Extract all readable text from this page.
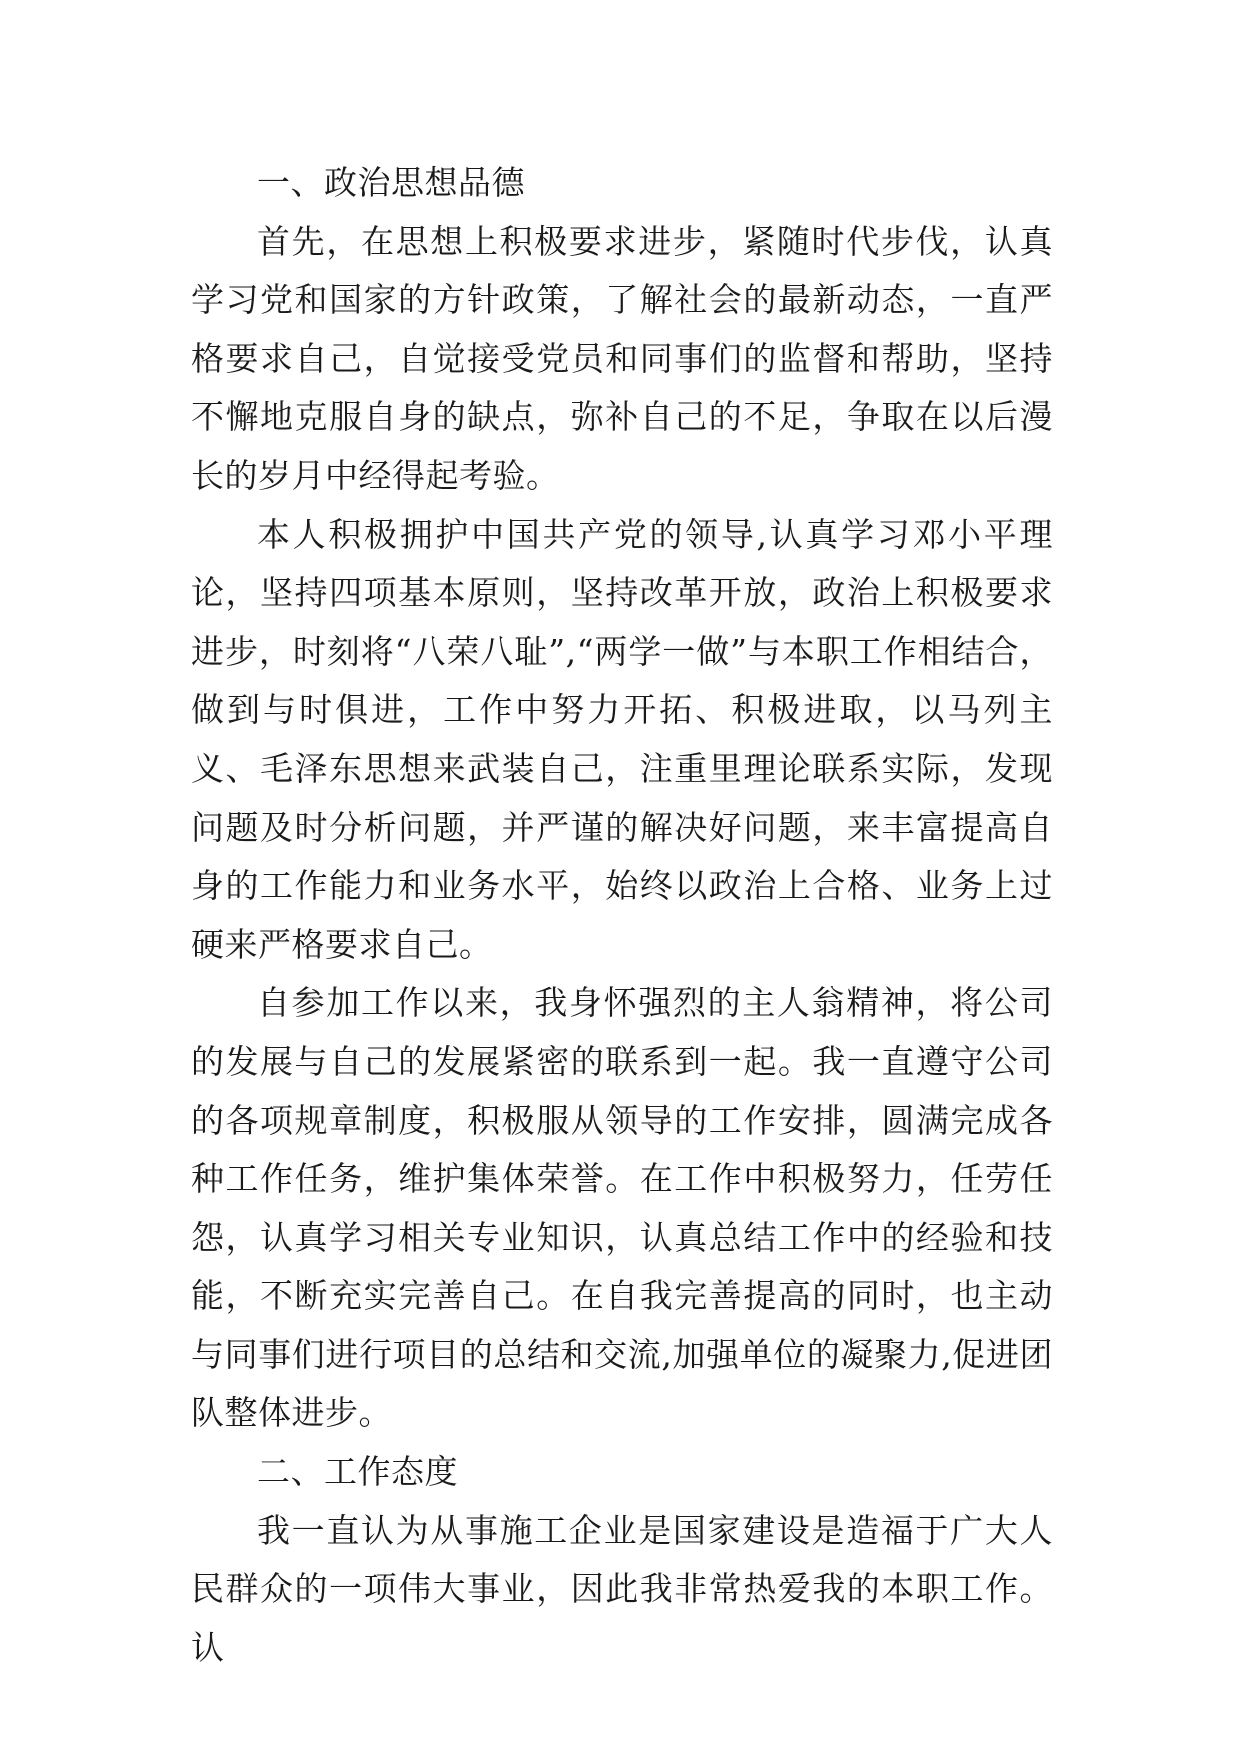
一、政治思想品德

首先，在思想上积极要求进步，紧随时代步伐，认真学习党和国家的方针政策，了解社会的最新动态，一直严格要求自己，自觉接受党员和同事们的监督和帮助，坚持不懈地克服自身的缺点，弥补自己的不足，争取在以后漫长的岁月中经得起考验。

本人积极拥护中国共产党的领导,认真学习邓小平理论，坚持四项基本原则，坚持改革开放，政治上积极要求进步，时刻将“八荣八耻”,“两学一做”与本职工作相结合，做到与时俱进，工作中努力开拓、积极进取，以马列主义、毛泽东思想来武装自己，注重里理论联系实际，发现问题及时分析问题，并严谨的解决好问题，来丰富提高自身的工作能力和业务水平，始终以政治上合格、业务上过硬来严格要求自己。

自参加工作以来，我身怀强烈的主人翁精神，将公司的发展与自己的发展紧密的联系到一起。我一直遵守公司的各项规章制度，积极服从领导的工作安排，圆满完成各种工作任务，维护集体荣誉。在工作中积极努力，任劳任怨，认真学习相关专业知识，认真总结工作中的经验和技能，不断充实完善自己。在自我完善提高的同时，也主动与同事们进行项目的总结和交流,加强单位的凝聚力,促进团队整体进步。

二、工作态度

我一直认为从事施工企业是国家建设是造福于广大人民群众的一项伟大事业，因此我非常热爱我的本职工作。认
